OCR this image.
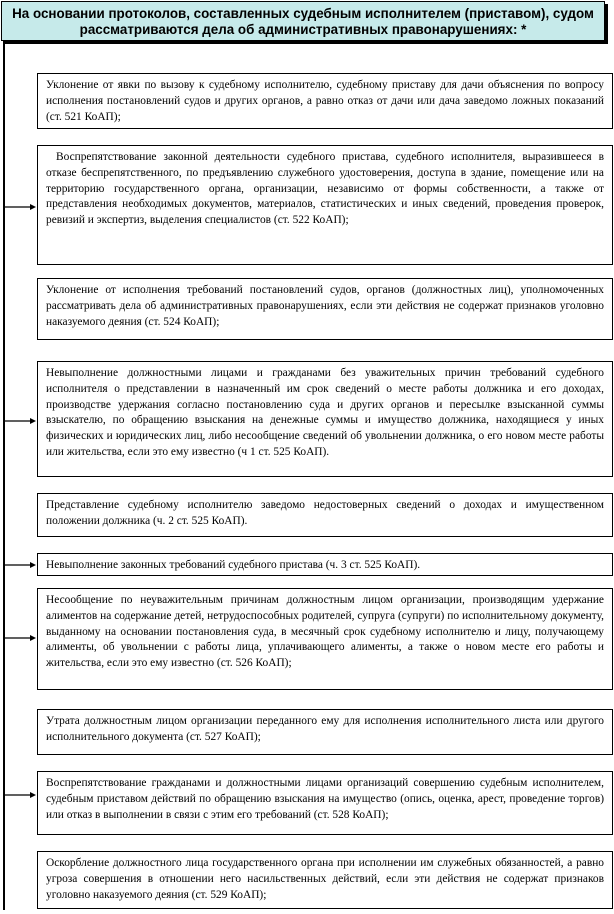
На основании протоколов, составленных судебным исполнителем (приставом), судом рассматриваются дела об административных правонарушениях: *
Уклонение от явки по вызову к судебному исполнителю, судебному приставу для дачи объяснения по вопросу исполнения постановлений судов и других органов, а равно отказ от дачи или дача заведомо ложных показаний (ст. 521 КоАП);
Воспрепятствование законной деятельности судебного пристава, судебного исполнителя, выразившееся в отказе беспрепятственного, по предъявлению служебного удостоверения, доступа в здание, помещение или на территорию государственного органа, организации, независимо от формы собственности, а также от представления необходимых документов, материалов, статистических и иных сведений, проведения проверок, ревизий и экспертиз, выделения специалистов (ст. 522 КоАП);
Уклонение от исполнения требований постановлений судов, органов (должностных лиц), уполномоченных рассматривать дела об административных правонарушениях, если эти действия не содержат признаков уголовно наказуемого деяния (ст. 524 КоАП);
Невыполнение должностными лицами и гражданами без уважительных причин требований судебного исполнителя о представлении в назначенный им срок сведений о месте работы должника и его доходах, производстве удержания согласно постановлению суда и других органов и пересылке взысканной суммы взыскателю, по обращению взыскания на денежные суммы и имущество должника, находящиеся у иных физических и юридических лиц, либо несообщение сведений об увольнении должника, о его новом месте работы или жительства, если это ему известно (ч 1 ст. 525 КоАП).
Представление судебному исполнителю заведомо недостоверных сведений о доходах и имущественном положении должника (ч. 2 ст. 525 КоАП).
Невыполнение законных требований судебного пристава (ч. 3 ст. 525 КоАП).
Несообщение по неуважительным причинам должностным лицом организации, производящим удержание алиментов на содержание детей, нетрудоспособных родителей, супруга (супруги) по исполнительному документу, выданному на основании постановления суда, в месячный срок судебному исполнителю и лицу, получающему алименты, об увольнении с работы лица, уплачивающего алименты, а также о новом месте его работы и жительства, если это ему известно (ст. 526 КоАП);
Утрата должностным лицом организации переданного ему для исполнения исполнительного листа или другого исполнительного документа (ст. 527 КоАП);
Воспрепятствование гражданами и должностными лицами организаций совершению судебным исполнителем, судебным приставом действий по обращению взыскания на имущество (опись, оценка, арест, проведение торгов) или отказ в выполнении в связи с этим его требований (ст. 528 КоАП);
Оскорбление должностного лица государственного органа при исполнении им служебных обязанностей, а равно угроза совершения в отношении него насильственных действий, если эти действия не содержат признаков уголовно наказуемого деяния (ст. 529 КоАП);
